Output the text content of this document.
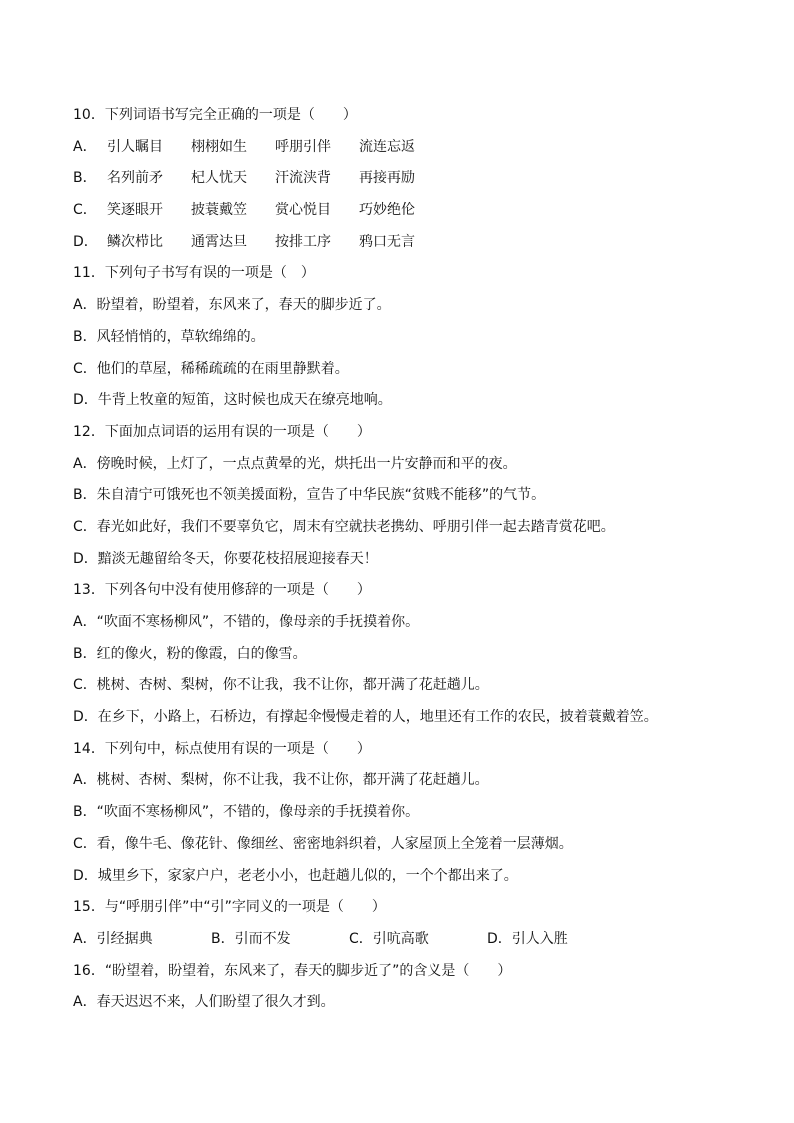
10．下列词语书写完全正确的一项是（　　）
A． 引人瞩目	栩栩如生	呼朋引伴	流连忘返
B． 名列前矛	杞人忧天	汗流浃背	再接再励
C． 笑逐眼开	披蓑戴笠	赏心悦目	巧妙绝伦
D． 鳞次栉比	通霄达旦	按排工序	鸦口无言
11．下列句子书写有误的一项是（　）
A．盼望着，盼望着，东风来了，春天的脚步近了。
B．风轻悄悄的，草软绵绵的。
C．他们的草屋，稀稀疏疏的在雨里静默着。
D．牛背上牧童的短笛，这时候也成天在缭亮地响。
12．下面加点词语的运用有误的一项是（　　）
A．傍晚时候，上灯了，一点点黄晕的光，烘托出一片安静而和平的夜。
B．朱自清宁可饿死也不领美援面粉，宣告了中华民族“贫贱不能移”的气节。
C．春光如此好，我们不要辜负它，周末有空就扶老携幼、呼朋引伴一起去踏青赏花吧。
D．黯淡无趣留给冬天，你要花枝招展迎接春天！
13．下列各句中没有使用修辞的一项是（　　）
A．“吹面不寒杨柳风”，不错的，像母亲的手抚摸着你。
B．红的像火，粉的像霞，白的像雪。
C．桃树、杏树、梨树，你不让我，我不让你，都开满了花赶趟儿。
D．在乡下，小路上，石桥边，有撑起伞慢慢走着的人，地里还有工作的农民，披着蓑戴着笠。
14．下列句中，标点使用有误的一项是（　　）
A．桃树、杏树、梨树，你不让我，我不让你，都开满了花赶趟儿。
B．“吹面不寒杨柳风”，不错的，像母亲的手抚摸着你。
C．看，像牛毛、像花针、像细丝、密密地斜织着，人家屋顶上全笼着一层薄烟。
D．城里乡下，家家户户，老老小小，也赶趟儿似的，一个个都出来了。
15．与“呼朋引伴”中“引”字同义的一项是（　　）
A．引经据典	B．引而不发	C．引吭高歌	D．引人入胜
16．“盼望着，盼望着，东风来了，春天的脚步近了”的含义是（　　）
A．春天迟迟不来，人们盼望了很久才到。
